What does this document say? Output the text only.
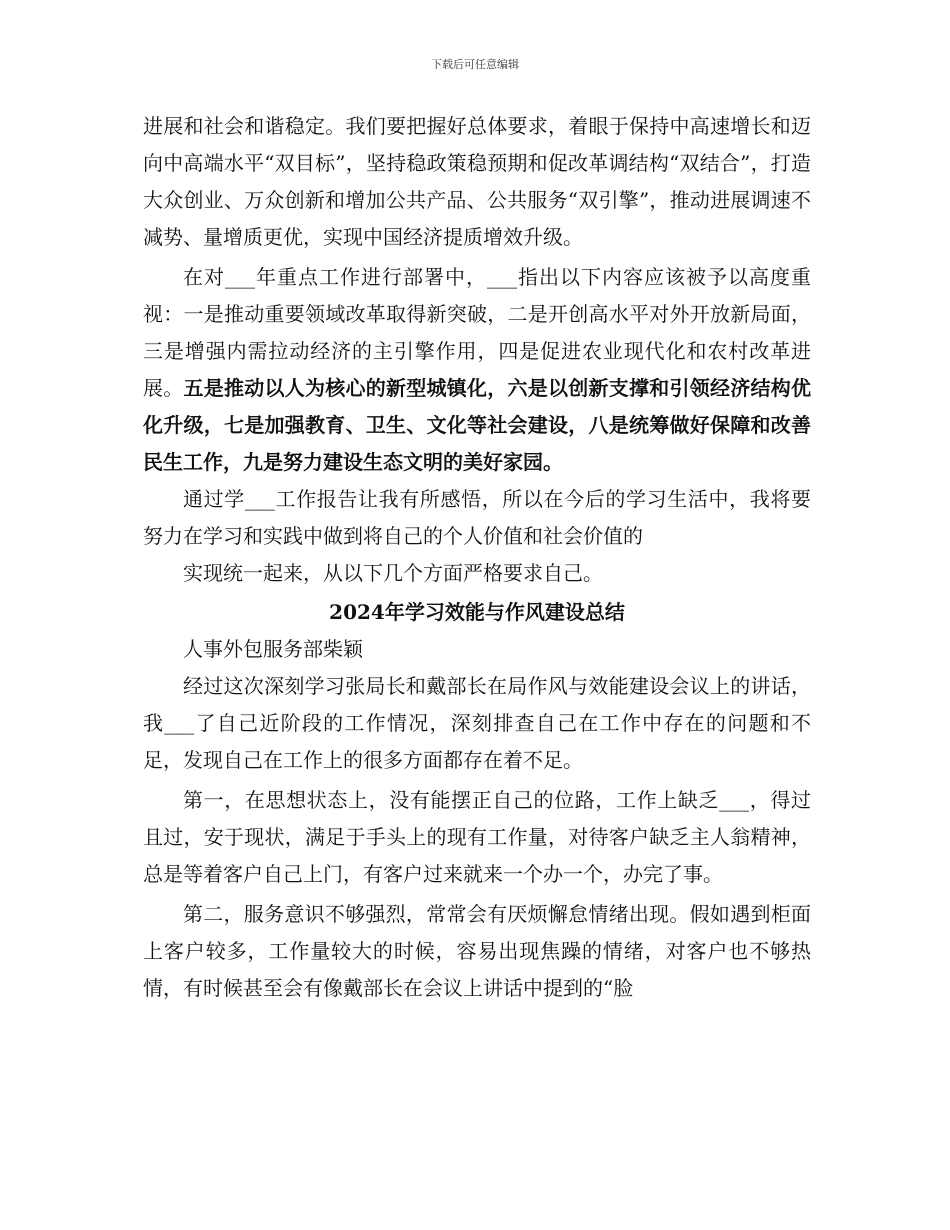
下载后可任意编辑

进展和社会和谐稳定。我们要把握好总体要求，着眼于保持中高速增长和迈向中高端水平“双目标”，坚持稳政策稳预期和促改革调结构“双结合”，打造大众创业、万众创新和增加公共产品、公共服务“双引擎”，推动进展调速不减势、量增质更优，实现中国经济提质增效升级。

在对___年重点工作进行部署中，___指出以下内容应该被予以高度重视：一是推动重要领域改革取得新突破，二是开创高水平对外开放新局面，三是增强内需拉动经济的主引擎作用，四是促进农业现代化和农村改革进展。五是推动以人为核心的新型城镇化，六是以创新支撑和引领经济结构优化升级，七是加强教育、卫生、文化等社会建设，八是统筹做好保障和改善民生工作，九是努力建设生态文明的美好家园。

通过学___工作报告让我有所感悟，所以在今后的学习生活中，我将要努力在学习和实践中做到将自己的个人价值和社会价值的

实现统一起来，从以下几个方面严格要求自己。

2024年学习效能与作风建设总结

人事外包服务部柴颖

经过这次深刻学习张局长和戴部长在局作风与效能建设会议上的讲话，我___了自己近阶段的工作情况，深刻排查自己在工作中存在的问题和不足，发现自己在工作上的很多方面都存在着不足。

第一，在思想状态上，没有能摆正自己的位路，工作上缺乏___，得过且过，安于现状，满足于手头上的现有工作量，对待客户缺乏主人翁精神，总是等着客户自己上门，有客户过来就来一个办一个，办完了事。

第二，服务意识不够强烈，常常会有厌烦懈怠情绪出现。假如遇到柜面上客户较多，工作量较大的时候，容易出现焦躁的情绪，对客户也不够热情，有时候甚至会有像戴部长在会议上讲话中提到的“脸
